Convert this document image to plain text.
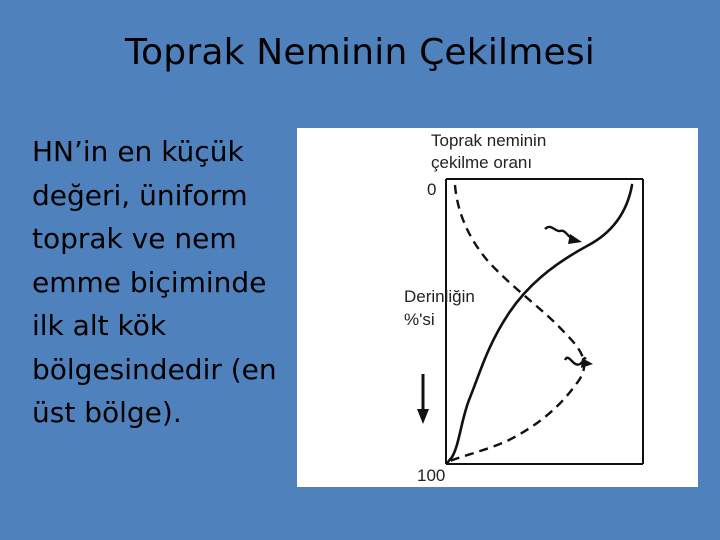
Toprak Neminin Çekilmesi
HN’in en küçük değeri, üniform toprak ve nem emme biçiminde ilk alt kök bölgesindedir (en üst bölge).
Toprak neminin
çekilme oranı
0
Derinliğin
%'si
100
